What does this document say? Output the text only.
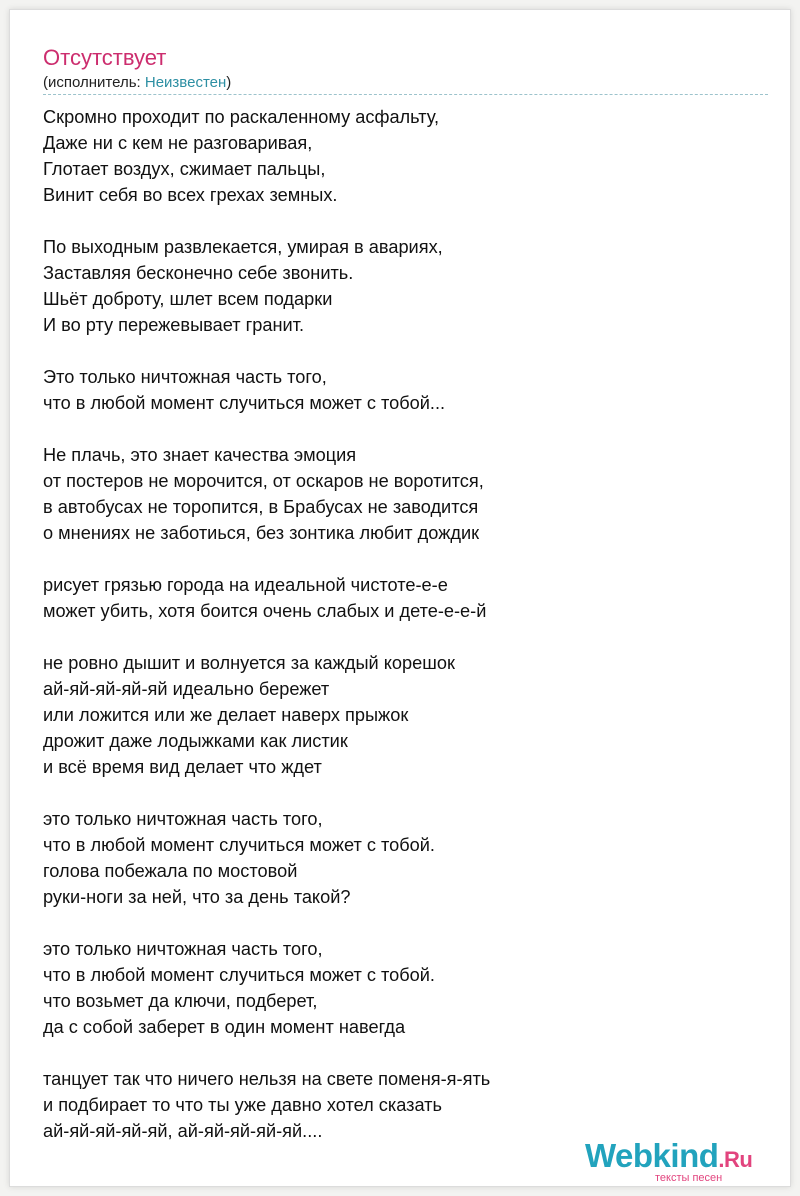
Отсутствует
(исполнитель: Неизвестен)
Скромно проходит по раскаленному асфальту,
Даже ни с кем не разговаривая,
Глотает воздух, сжимает пальцы,
Винит себя во всех грехах земных.
По выходным развлекается, умирая в авариях,
Заставляя бесконечно себе звонить.
Шьёт доброту, шлет всем подарки
И во рту пережевывает гранит.
Это только ничтожная часть того,
что в любой момент случиться может с тобой...
Не плачь, это знает качества эмоция
от постеров не морочится, от оскаров не воротится,
в автобусах не торопится, в Брабусах не заводится
о мнениях не заботиься, без зонтика любит дождик
рисует грязью города на идеальной чистоте-е-е
может убить, хотя боится очень слабых и дете-е-е-й
не ровно дышит и волнуется за каждый корешок
ай-яй-яй-яй-яй идеально бережет
или ложится или же делает наверх прыжок
дрожит даже лодыжками как листик
и всё время вид делает что ждет
это только ничтожная часть того,
что в любой момент случиться может с тобой.
голова побежала по мостовой
руки-ноги за ней, что за день такой?
это только ничтожная часть того,
что в любой момент случиться может с тобой.
что возьмет да ключи, подберет,
да с собой заберет в один момент навегда
танцует так что ничего нельзя на свете поменя-я-ять
и подбирает то что ты уже давно хотел сказать
ай-яй-яй-яй-яй, ай-яй-яй-яй-яй....
Webkind.Ru
тексты песен
